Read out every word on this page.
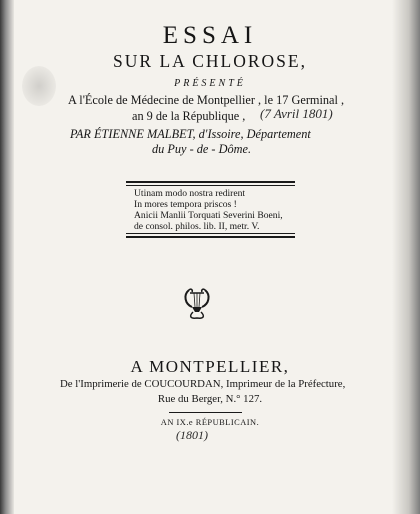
ESSAI
SUR LA CHLOROSE,
PRÉSENTÉ
A l'École de Médecine de Montpellier , le 17 Germinal ,
an 9 de la République , (7 Avril 1801)
PAR ÉTIENNE MALBET, d'Issoire, Département
du Puy - de - Dôme.
Utinam modo nostra redirent
In mores tempora priscos !
Anicii Manlii Torquati Severini Boeni,
de consol. philos. lib. II, metr. V.
A MONTPELLIER,
De l'Imprimerie de COUCOURDAN, Imprimeur de la Préfecture,
Rue du Berger, N.° 127.
AN IX.e RÉPUBLICAIN.
(1801)
